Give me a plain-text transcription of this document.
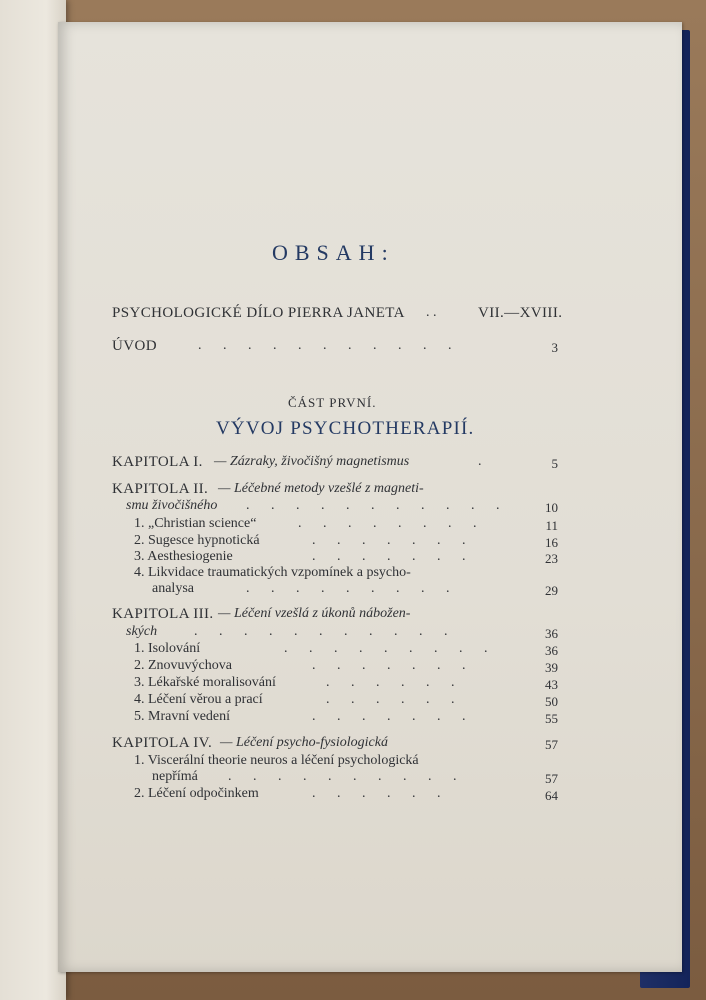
OBSAH:
PSYCHOLOGICKÉ DÍLO PIERRA JANETA . .	VII.—XVIII.
ÚVOD	. . . . . . . . . . .	3
ČÁST PRVNÍ.
VÝVOJ PSYCHOTHERAPIÍ.
KAPITOLA I. — Zázraky, živočišný magnetismus	.	5
KAPITOLA II. — Léčebné metody vzešlé z magneti-
smu živočišného . . . . . . . . . . .	10
1. „Christian science“	. . . . . . . .	11
2. Sugesce hypnotická	. . . . . . .	16
3. Aesthesiogenie	. . . . . . .	23
4. Likvidace traumatických vzpomínek a psycho-
analysa	. . . . . . . . .	29
KAPITOLA III. — Léčení vzešlá z úkonů nábožen-
ských	. . . . . . . . . . .	36
1. Isolování	. . . . . . . . .	36
2. Znovuvýchova	. . . . . . .	39
3. Lékařské moralisování	. . . . . .	43
4. Léčení věrou a prací	. . . . . .	50
5. Mravní vedení	. . . . . . .	55
KAPITOLA IV. — Léčení psycho-fysiologická	57
1. Viscerální theorie neuros a léčení psychologická
nepřímá . . . . . . . . . .	57
2. Léčení odpočinkem	. . . . . .	64
